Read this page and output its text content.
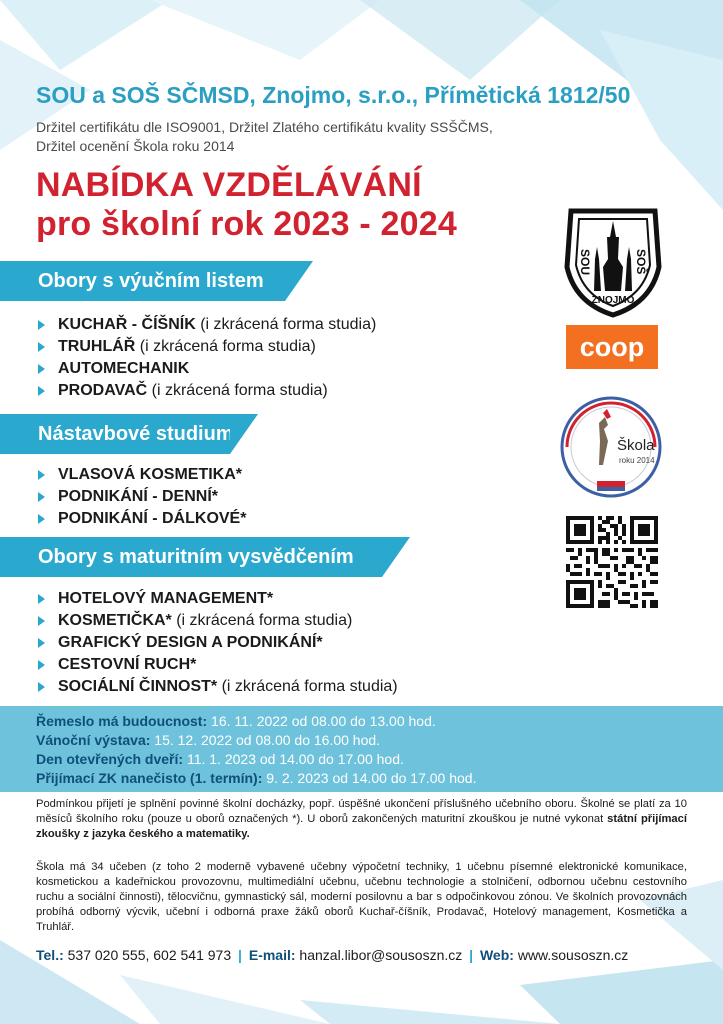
SOU a SOŠ SČMSD, Znojmo, s.r.o., Přímětická 1812/50
Držitel certifikátu dle ISO9001, Držitel Zlatého certifikátu kvality SSŠČMS,
Držitel ocenění Škola roku 2014
NABÍDKA VZDĚLÁVÁNÍ
pro školní rok 2023 - 2024
Obory s výučním listem
KUCHAŘ - ČÍŠNÍK (i zkrácená forma studia)
TRUHLÁŘ (i zkrácená forma studia)
AUTOMECHANIK
PRODAVAČ (i zkrácená forma studia)
Nástavbové studium
VLASOVÁ KOSMETIKA*
PODNIKÁNÍ - DENNÍ*
PODNIKÁNÍ - DÁLKOVÉ*
Obory s maturitním vysvědčením
HOTELOVÝ MANAGEMENT*
KOSMETIČKA* (i zkrácená forma studia)
GRAFICKÝ DESIGN A PODNIKÁNÍ*
CESTOVNÍ RUCH*
SOCIÁLNÍ ČINNOST* (i zkrácená forma studia)
Řemeslo má budoucnost: 16. 11. 2022 od 08.00 do 13.00 hod.
Vánoční výstava: 15. 12. 2022 od 08.00 do 16.00 hod.
Den otevřených dveří: 11. 1. 2023 od 14.00 do 17.00 hod.
Přijímací ZK nanečisto (1. termín): 9. 2. 2023 od 14.00 do 17.00 hod.

Podmínkou přijetí je splnění povinné školní docházky, popř. úspěšné ukončení příslušného učebního oboru. Školné se platí za 10 měsíců školního roku (pouze u oborů označených *). U oborů zakončených maturitní zkouškou je nutné vykonat státní přijímací zkoušky z jazyka českého a matematiky.

Škola má 34 učeben (z toho 2 moderně vybavené učebny výpočetní techniky, 1 učebnu písemné elektronické komunikace, kosmetickou a kadeřnickou provozovnu, multimediální učebnu, učebnu technologie a stolničení, odbornou učebnu cestovního ruchu a sociální činnosti), tělocvičnu, gymnastický sál, moderní posilovnu a bar s odpočinkovou zónou. Ve školních provozovnách probíhá odborný výcvik, učební i odborná praxe žáků oborů Kuchař-číšník, Prodavač, Hotelový management, Kosmetička a Truhlář.

Tel.: 537 020 555, 602 541 973 | E-mail: hanzal.libor@sousoszn.cz | Web: www.sousoszn.cz
SOU	SOŠ
ZNOJMO
coop
Škola
roku 2014
